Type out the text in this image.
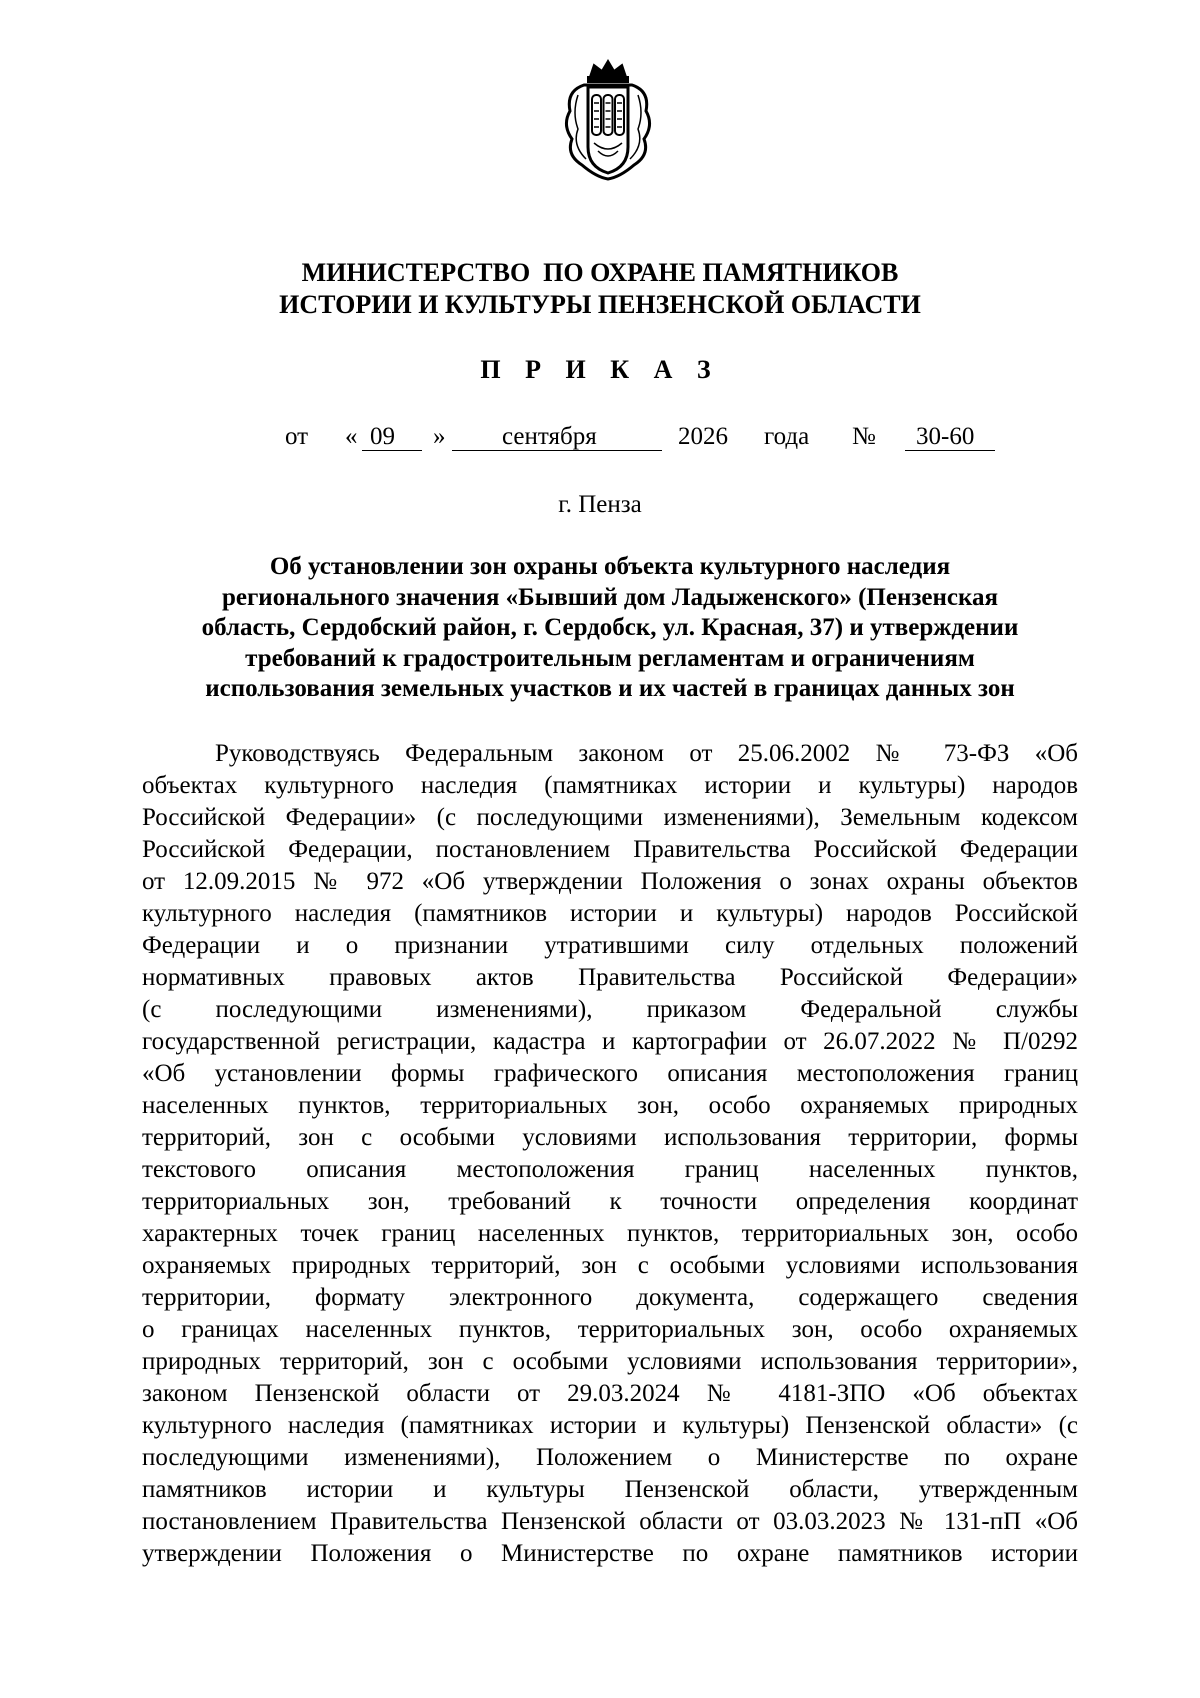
МИНИСТЕРСТВО  ПО ОХРАНЕ ПАМЯТНИКОВ
ИСТОРИИ И КУЛЬТУРЫ ПЕНЗЕНСКОЙ ОБЛАСТИ
П Р И К А З
от « 09 » сентября	2026 года № 30-60
г. Пенза
Об установлении зон охраны объекта культурного наследия
регионального значения «Бывший дом Ладыженского» (Пензенская
область, Сердобский район, г. Сердобск, ул. Красная, 37) и утверждении
требований к градостроительным регламентам и ограничениям
использования земельных участков и их частей в границах данных зон
Руководствуясь Федеральным законом от 25.06.2002 № 73-ФЗ «Об
объектах культурного наследия (памятниках истории и культуры) народов
Российской Федерации» (с последующими изменениями), Земельным кодексом
Российской Федерации, постановлением Правительства Российской Федерации
от 12.09.2015 № 972 «Об утверждении Положения о зонах охраны объектов
культурного наследия (памятников истории и культуры) народов Российской
Федерации и о признании утратившими силу отдельных положений
нормативных правовых актов Правительства Российской Федерации»
(с последующими изменениями), приказом Федеральной службы
государственной регистрации, кадастра и картографии от 26.07.2022 № П/0292
«Об установлении формы графического описания местоположения границ
населенных пунктов, территориальных зон, особо охраняемых природных
территорий, зон с особыми условиями использования территории, формы
текстового описания местоположения границ населенных пунктов,
территориальных зон, требований к точности определения координат
характерных точек границ населенных пунктов, территориальных зон, особо
охраняемых природных территорий, зон с особыми условиями использования
территории, формату электронного документа, содержащего сведения
о границах населенных пунктов, территориальных зон, особо охраняемых
природных территорий, зон с особыми условиями использования территории»,
законом Пензенской области от 29.03.2024 № 4181-ЗПО «Об объектах
культурного наследия (памятниках истории и культуры) Пензенской области» (с
последующими изменениями), Положением о Министерстве по охране
памятников истории и культуры Пензенской области, утвержденным
постановлением Правительства Пензенской области от 03.03.2023 № 131-пП «Об
утверждении Положения о Министерстве по охране памятников истории
